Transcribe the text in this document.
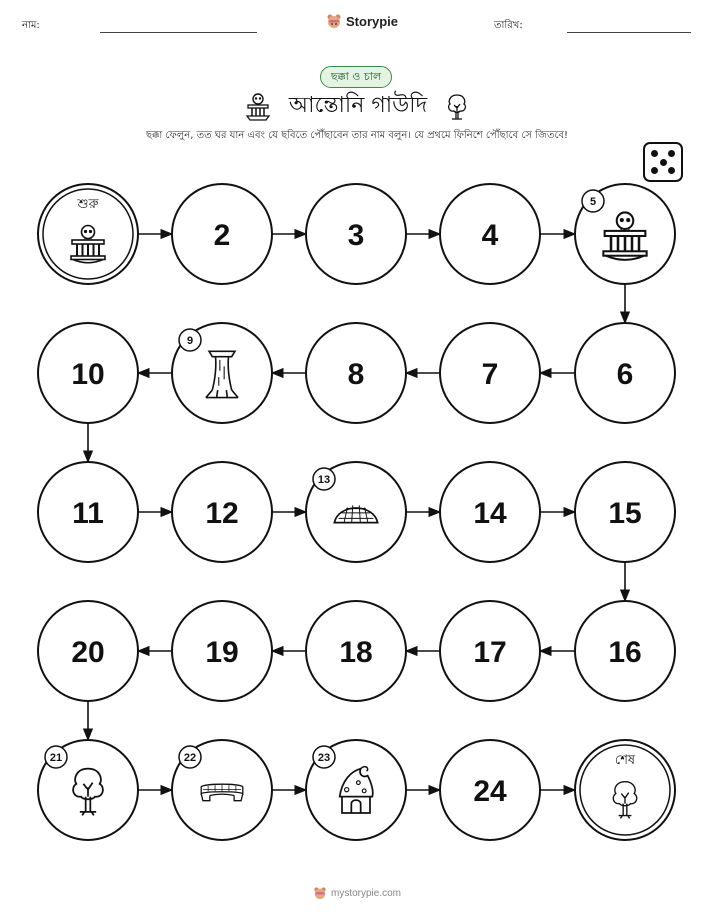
নাম:	Storypie	তারিখ:
ছক্কা ও চাল
আন্তোনি গাউদি
ছক্কা ফেলুন, তত ঘর যান এবং যে ছবিতে পৌঁছাবেন তার নাম বলুন। যে প্রথমে ফিনিশে পৌঁছাবে সে জিতবে!
শুরু
2	3	4
5
10
9
8	7	6
11	12
13
14	15
20	19	18	17	16
21	22	23
24
শেষ
mystorypie.com
